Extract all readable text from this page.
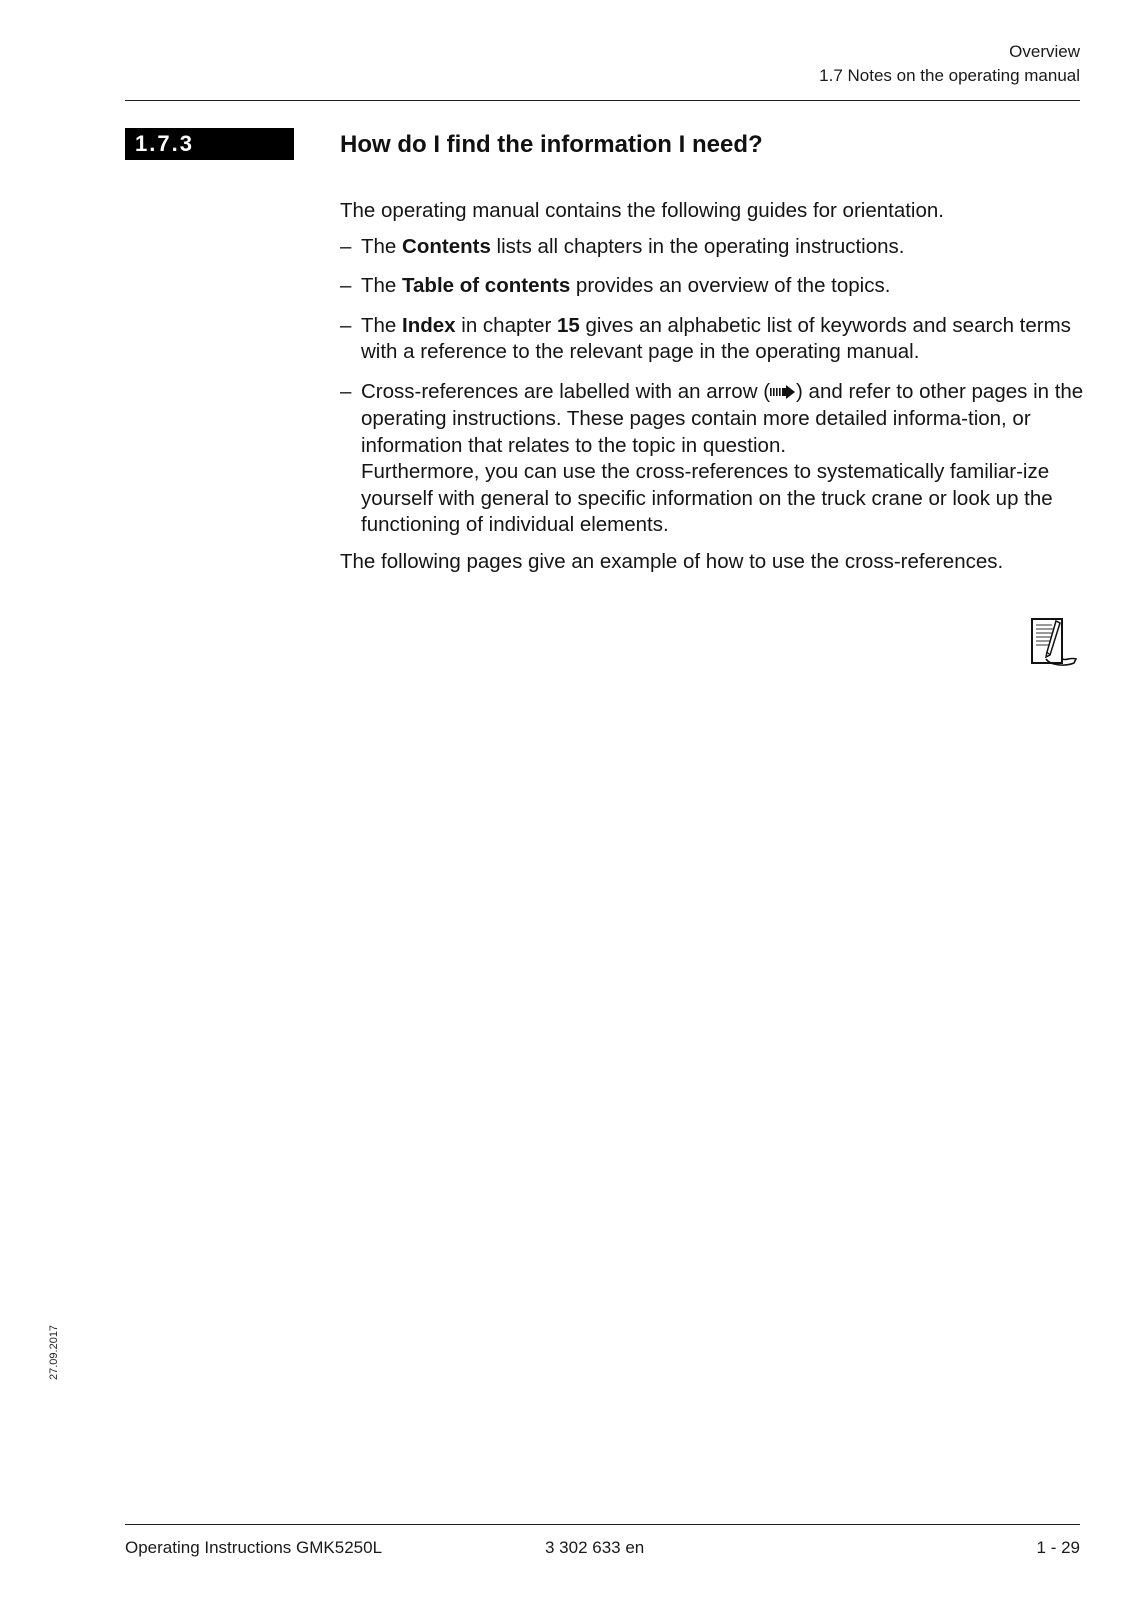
Overview
1.7 Notes on the operating manual
1.7.3	How do I find the information I need?

The operating manual contains the following guides for orientation.

– The Contents lists all chapters in the operating instructions.
– The Table of contents provides an overview of the topics.
– The Index in chapter 15 gives an alphabetic list of keywords and search terms with a reference to the relevant page in the operating manual.
– Cross-references are labelled with an arrow ( ) and refer to other pages in the operating instructions. These pages contain more detailed informa-tion, or information that relates to the topic in question.
Furthermore, you can use the cross-references to systematically familiar-ize yourself with general to specific information on the truck crane or look up the functioning of individual elements.

The following pages give an example of how to use the cross-references.

27.09.2017
Operating Instructions GMK5250L	3 302 633 en	1 - 29
